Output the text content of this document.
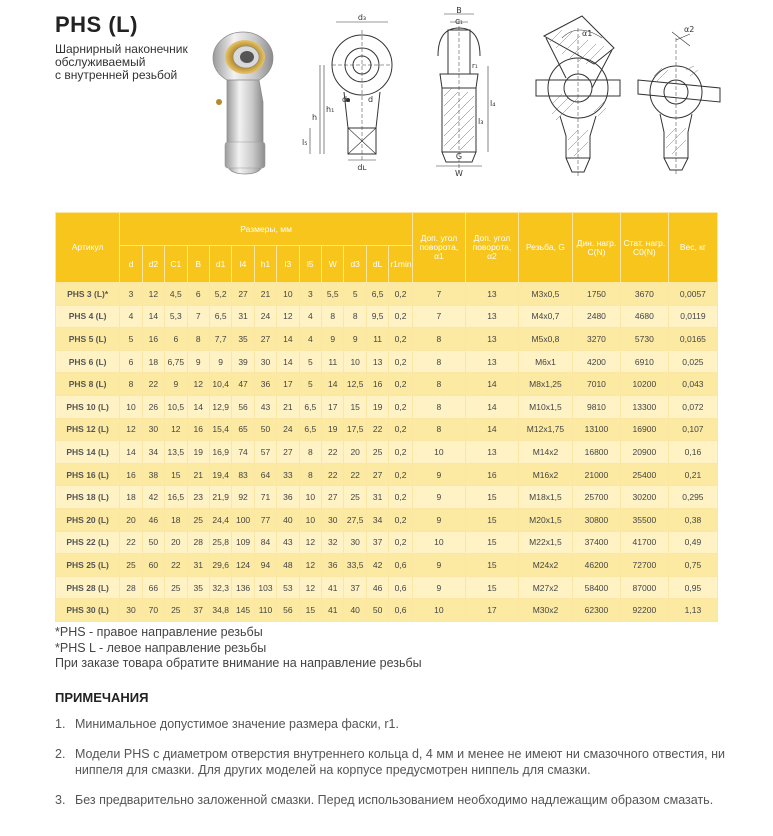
PHS (L)
Шарнирный наконечник
обслуживаемый
с внутренней резьбой
d₃
d₂ d
h
h₁
l₅
dʟ
B
C₁
r₁
l₄
l₃
G
W
α1	α2
Артикул	Размеры, мм													Доп. угол поворота, α1	Доп. угол поворота, α2	Резьба, G	Дин. нагр. C(N)	Стат. нагр. C0(N)	Вес, кг
	d	d2	C1	B	d1	l4	h1	l3	l5	W	d3	dL	r1min						
PHS 3 (L)*	3	12	4,5	6	5,2	27	21	10	3	5,5	5	6,5	0,2	7	13	M3x0,5	1750	3670	0,0057
PHS 4 (L)	4	14	5,3	7	6,5	31	24	12	4	8	8	9,5	0,2	7	13	M4x0,7	2480	4680	0,0119
PHS 5 (L)	5	16	6	8	7,7	35	27	14	4	9	9	11	0,2	8	13	M5x0,8	3270	5730	0,0165
PHS 6 (L)	6	18	6,75	9	9	39	30	14	5	11	10	13	0,2	8	13	M6x1	4200	6910	0,025
PHS 8 (L)	8	22	9	12	10,4	47	36	17	5	14	12,5	16	0,2	8	14	M8x1,25	7010	10200	0,043
PHS 10 (L)	10	26	10,5	14	12,9	56	43	21	6,5	17	15	19	0,2	8	14	M10x1,5	9810	13300	0,072
PHS 12 (L)	12	30	12	16	15,4	65	50	24	6,5	19	17,5	22	0,2	8	14	M12x1,75	13100	16900	0,107
PHS 14 (L)	14	34	13,5	19	16,9	74	57	27	8	22	20	25	0,2	10	13	M14x2	16800	20900	0,16
PHS 16 (L)	16	38	15	21	19,4	83	64	33	8	22	22	27	0,2	9	16	M16x2	21000	25400	0,21
PHS 18 (L)	18	42	16,5	23	21,9	92	71	36	10	27	25	31	0,2	9	15	M18x1,5	25700	30200	0,295
PHS 20 (L)	20	46	18	25	24,4	100	77	40	10	30	27,5	34	0,2	9	15	M20x1,5	30800	35500	0,38
PHS 22 (L)	22	50	20	28	25,8	109	84	43	12	32	30	37	0,2	10	15	M22x1,5	37400	41700	0,49
PHS 25 (L)	25	60	22	31	29,6	124	94	48	12	36	33,5	42	0,6	9	15	M24x2	46200	72700	0,75
PHS 28 (L)	28	66	25	35	32,3	136	103	53	12	41	37	46	0,6	9	15	M27x2	58400	87000	0,95
PHS 30 (L)	30	70	25	37	34,8	145	110	56	15	41	40	50	0,6	10	17	M30x2	62300	92200	1,13
*PHS - правое направление резьбы
*PHS L - левое направление резьбы
При заказе товара обратите внимание на направление резьбы
ПРИМЕЧАНИЯ
1. Минимальное допустимое значение размера фаски, r1.
2. Модели PHS с диаметром отверстия внутреннего кольца d, 4 мм и менее не имеют ни смазочного отвестия, ни ниппеля для смазки. Для других моделей на корпусе предусмотрен ниппель для смазки.
3. Без предварительно заложенной смазки. Перед использованием необходимо надлежащим образом смазать.
